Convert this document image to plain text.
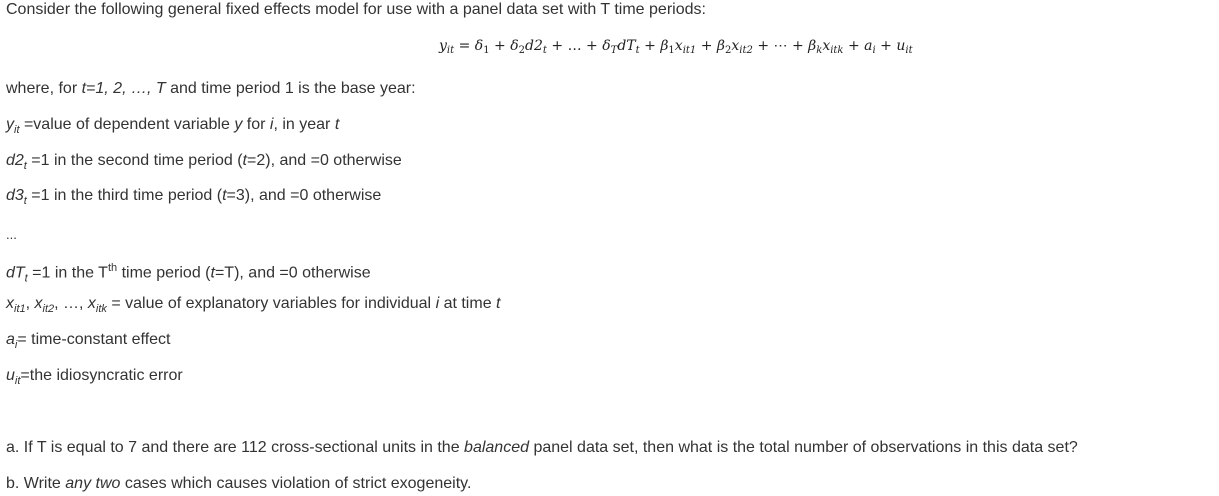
Consider the following general fixed effects model for use with a panel data set with T time periods:
$y_{it} = \delta_1 + \delta_2d2_t$ + … + $\delta_TdT_t + \beta_1x_{it1} + \beta_2x_{it2}$ + ⋯ + $\beta_kx_{itk} + a_i + u_{it}$
where, for t=1, 2, …, T and time period 1 is the base year:
$y_{it}$ =value of dependent variable y for i, in year t
$d2_t =1$ in the second time period (t=2), and =0 otherwise
$d3_t =1$ in the third time period (t=3), and =0 otherwise
...
$dT_t =1$ in the $T^{th}$ time period (t=T), and =0 otherwise
$x_{it1}$, $x_{it2}$, …, $x_{itk}$ = value of explanatory variables for individual i at time t
$a_i=$ time-constant effect
$u_{it}=the$ idiosyncratic error
a. If T is equal to 7 and there are 112 cross-sectional units in the balanced panel data set, then what is the total number of observations in this data set?
b. Write any two cases which causes violation of strict exogeneity.
